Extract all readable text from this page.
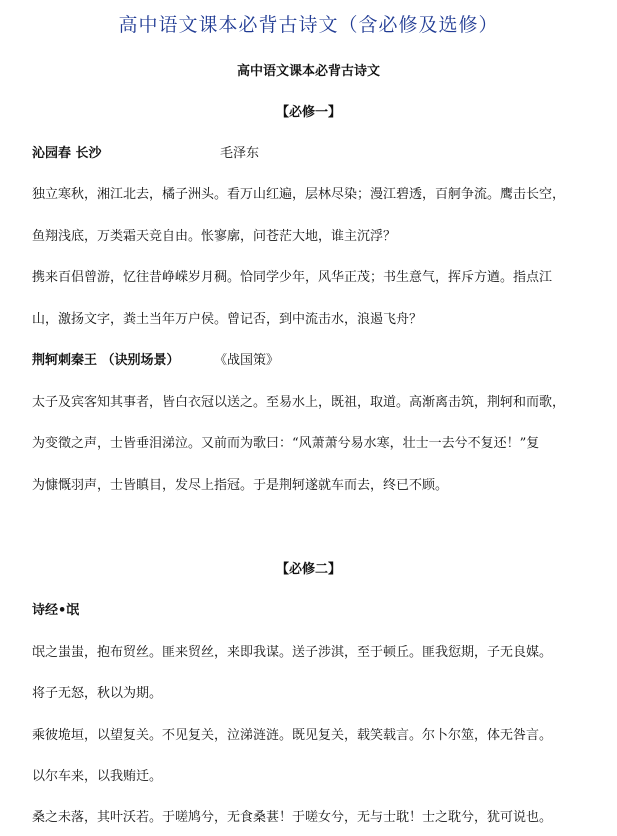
高中语文课本必背古诗文（含必修及选修）
高中语文课本必背古诗文
【必修一】
沁园春 长沙	毛泽东
独立寒秋，湘江北去，橘子洲头。看万山红遍，层林尽染；漫江碧透，百舸争流。鹰击长空，
鱼翔浅底，万类霜天竞自由。怅寥廓，问苍茫大地，谁主沉浮？
携来百侣曾游，忆往昔峥嵘岁月稠。恰同学少年，风华正茂；书生意气，挥斥方遒。指点江
山，激扬文字，粪土当年万户侯。曾记否，到中流击水，浪遏飞舟？
荆轲刺秦王 （诀别场景）	《战国策》
太子及宾客知其事者，皆白衣冠以送之。至易水上，既祖，取道。高渐离击筑，荆轲和而歌，
为变徵之声，士皆垂泪涕泣。又前而为歌曰：“风萧萧兮易水寒，壮士一去兮不复还！”复
为慷慨羽声，士皆瞋目，发尽上指冠。于是荆轲遂就车而去，终已不顾。
【必修二】
诗经•氓
氓之蚩蚩，抱布贸丝。匪来贸丝，来即我谋。送子涉淇，至于顿丘。匪我愆期，子无良媒。
将子无怒，秋以为期。
乘彼垝垣，以望复关。不见复关，泣涕涟涟。既见复关，载笑载言。尔卜尔筮，体无咎言。
以尔车来，以我贿迁。
桑之未落，其叶沃若。于嗟鸠兮，无食桑葚！于嗟女兮，无与士耽！士之耽兮，犹可说也。
